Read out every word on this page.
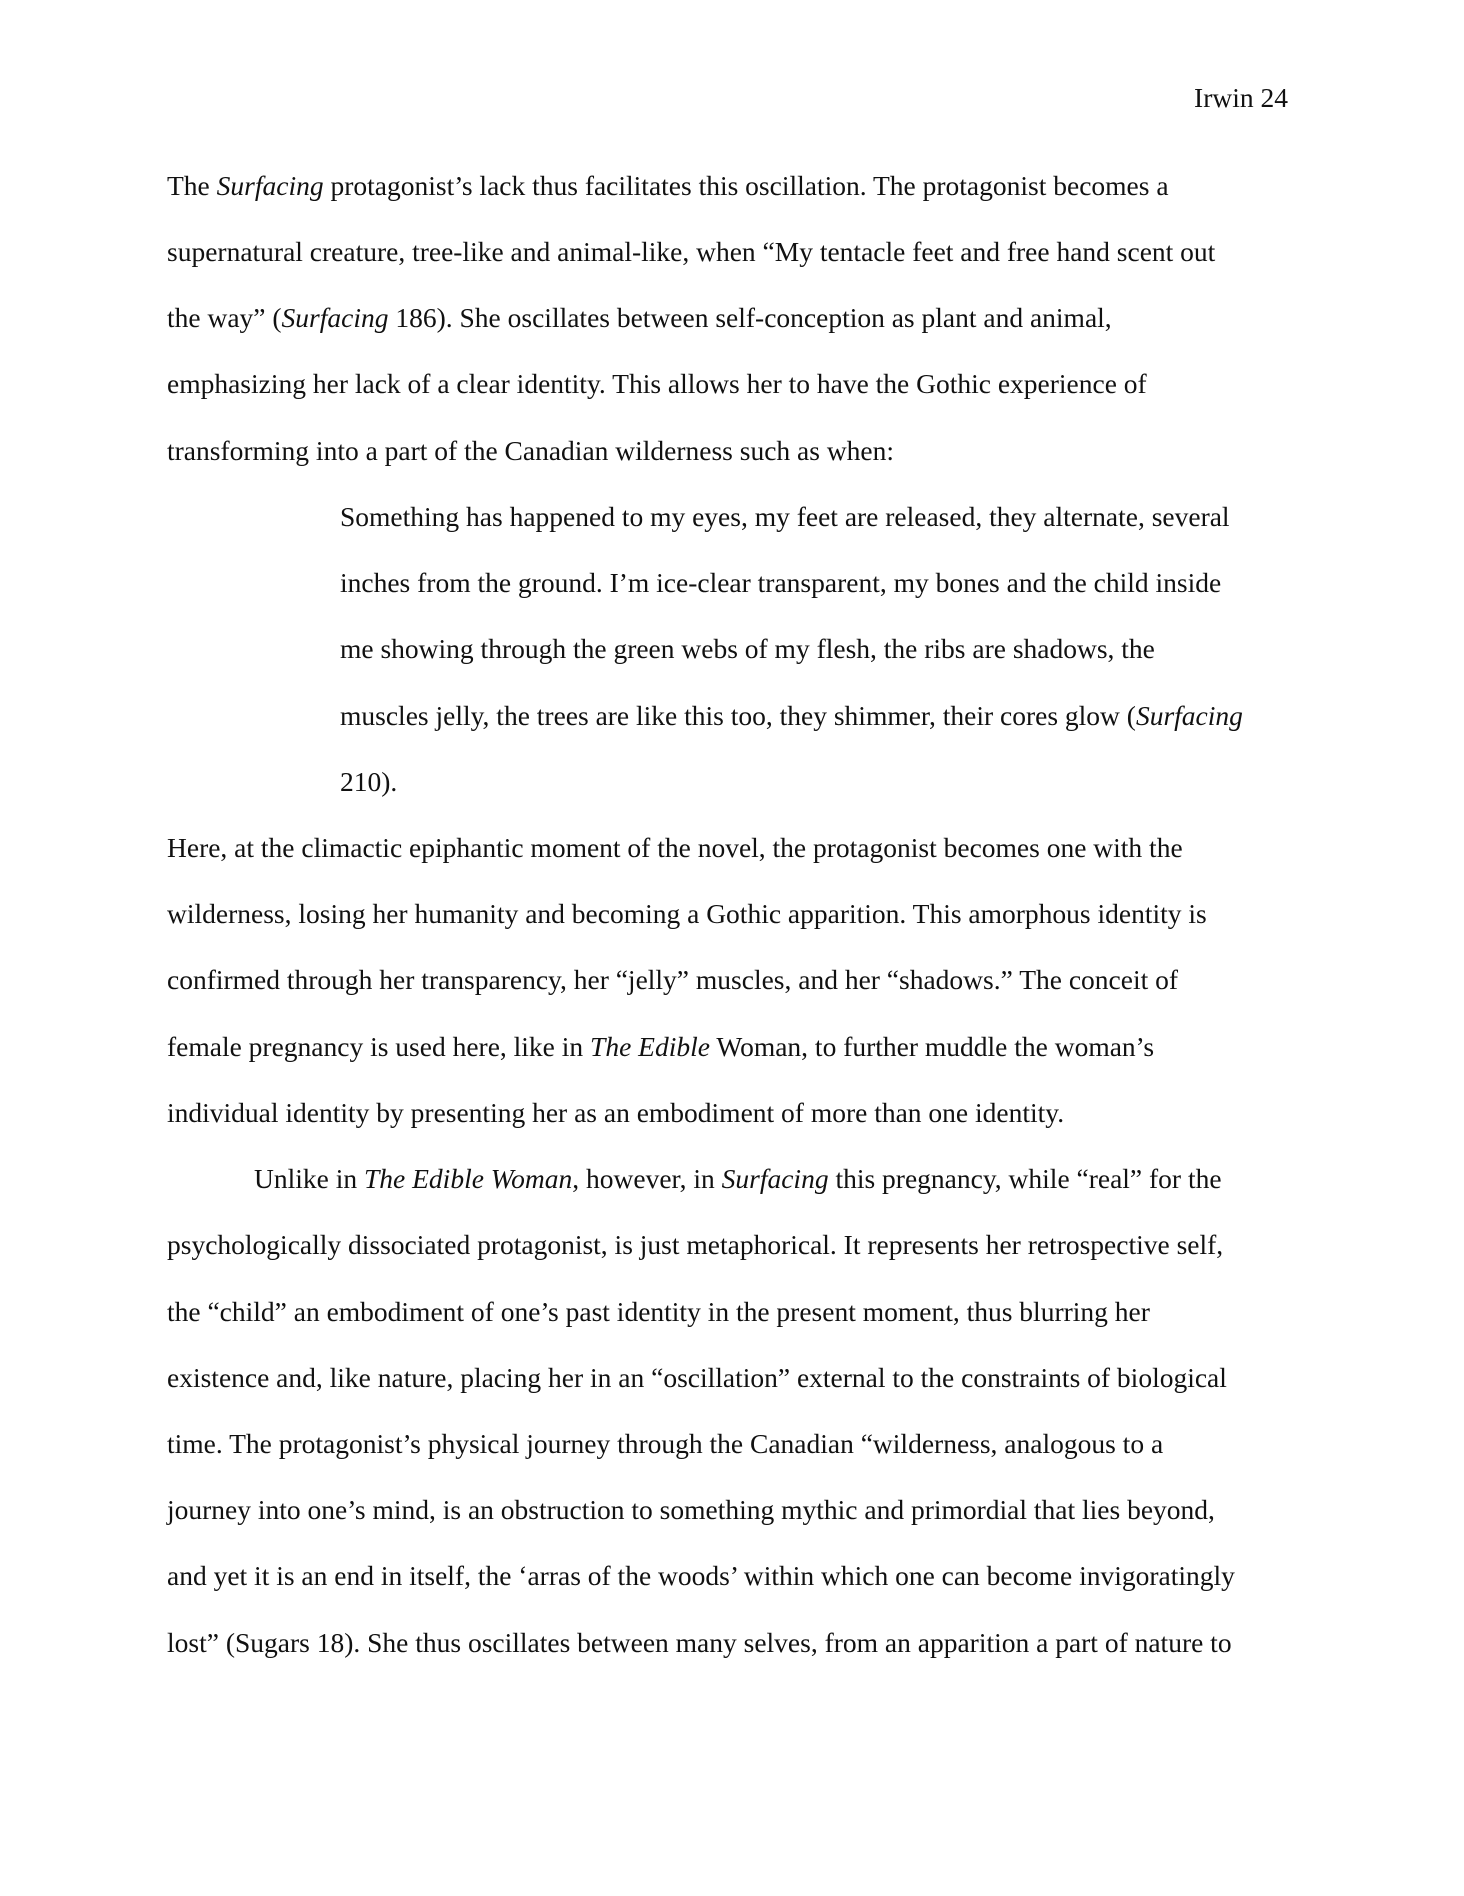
Irwin 24
The Surfacing protagonist’s lack thus facilitates this oscillation. The protagonist becomes a
supernatural creature, tree-like and animal-like, when “My tentacle feet and free hand scent out
the way” (Surfacing 186). She oscillates between self-conception as plant and animal,
emphasizing her lack of a clear identity. This allows her to have the Gothic experience of
transforming into a part of the Canadian wilderness such as when:
Something has happened to my eyes, my feet are released, they alternate, several
inches from the ground. I’m ice-clear transparent, my bones and the child inside
me showing through the green webs of my flesh, the ribs are shadows, the
muscles jelly, the trees are like this too, they shimmer, their cores glow (Surfacing
210).
Here, at the climactic epiphantic moment of the novel, the protagonist becomes one with the
wilderness, losing her humanity and becoming a Gothic apparition. This amorphous identity is
confirmed through her transparency, her “jelly” muscles, and her “shadows.” The conceit of
female pregnancy is used here, like in The Edible Woman, to further muddle the woman’s
individual identity by presenting her as an embodiment of more than one identity.
Unlike in The Edible Woman, however, in Surfacing this pregnancy, while “real” for the
psychologically dissociated protagonist, is just metaphorical. It represents her retrospective self,
the “child” an embodiment of one’s past identity in the present moment, thus blurring her
existence and, like nature, placing her in an “oscillation” external to the constraints of biological
time. The protagonist’s physical journey through the Canadian “wilderness, analogous to a
journey into one’s mind, is an obstruction to something mythic and primordial that lies beyond,
and yet it is an end in itself, the ‘arras of the woods’ within which one can become invigoratingly
lost” (Sugars 18). She thus oscillates between many selves, from an apparition a part of nature to
